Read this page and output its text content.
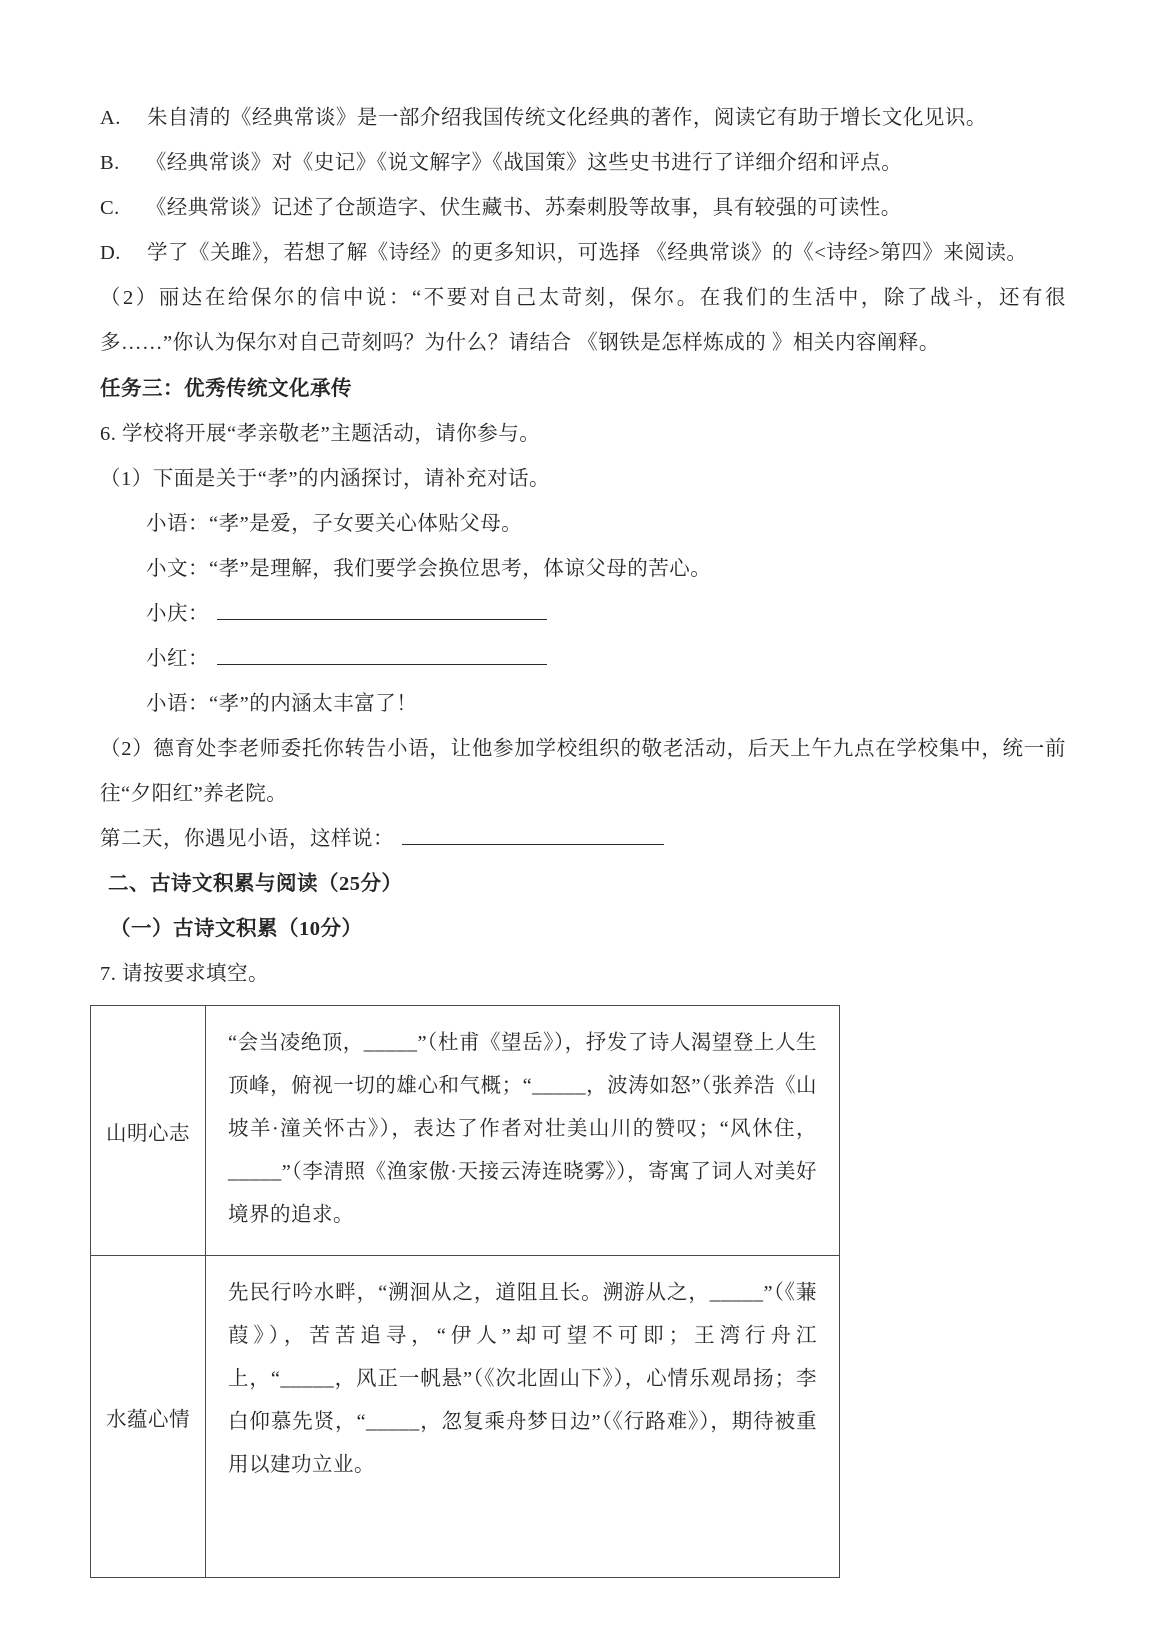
A. 朱自清的《经典常谈》是一部介绍我国传统文化经典的著作，阅读它有助于增长文化见识。

B. 《经典常谈》对《史记》《说文解字》《战国策》这些史书进行了详细介绍和评点。

C. 《经典常谈》记述了仓颉造字、伏生藏书、苏秦刺股等故事，具有较强的可读性。

D. 学了《关雎》，若想了解《诗经》的更多知识，可选择 《经典常谈》的《<诗经>第四》来阅读。

（2）丽达在给保尔的信中说：“不要对自己太苛刻，保尔。在我们的生活中，除了战斗，还有很多……”你认为保尔对自己苛刻吗？为什么？请结合 《钢铁是怎样炼成的 》相关内容阐释。

任务三：优秀传统文化承传

6. 学校将开展“孝亲敬老”主题活动，请你参与。

（1）下面是关于“孝”的内涵探讨，请补充对话。

小语：“孝”是爱，子女要关心体贴父母。

小文：“孝”是理解，我们要学会换位思考，体谅父母的苦心。

小庆：

小红：

小语：“孝”的内涵太丰富了！

（2）德育处李老师委托你转告小语，让他参加学校组织的敬老活动，后天上午九点在学校集中，统一前往“夕阳红”养老院。

第二天，你遇见小语，这样说：

二、古诗文积累与阅读（25分）

（一）古诗文积累（10分）

7. 请按要求填空。

山明心志	“会当凌绝顶，_____”（杜甫《望岳》），抒发了诗人渴望登上人生顶峰，俯视一切的雄心和气概；“_____，波涛如怒”（张养浩《山坡羊·潼关怀古》），表达了作者对壮美山川的赞叹；“风休住，_____”（李清照《渔家傲·天接云涛连晓雾》），寄寓了词人对美好境界的追求。
水蕴心情	先民行吟水畔，“溯洄从之，道阻且长。溯游从之，_____”（《蒹葭》），苦苦追寻，“伊人”却可望不可即；王湾行舟江上，“_____，风正一帆悬”（《次北固山下》），心情乐观昂扬；李白仰慕先贤，“_____，忽复乘舟梦日边”（《行路难》），期待被重用以建功立业。
